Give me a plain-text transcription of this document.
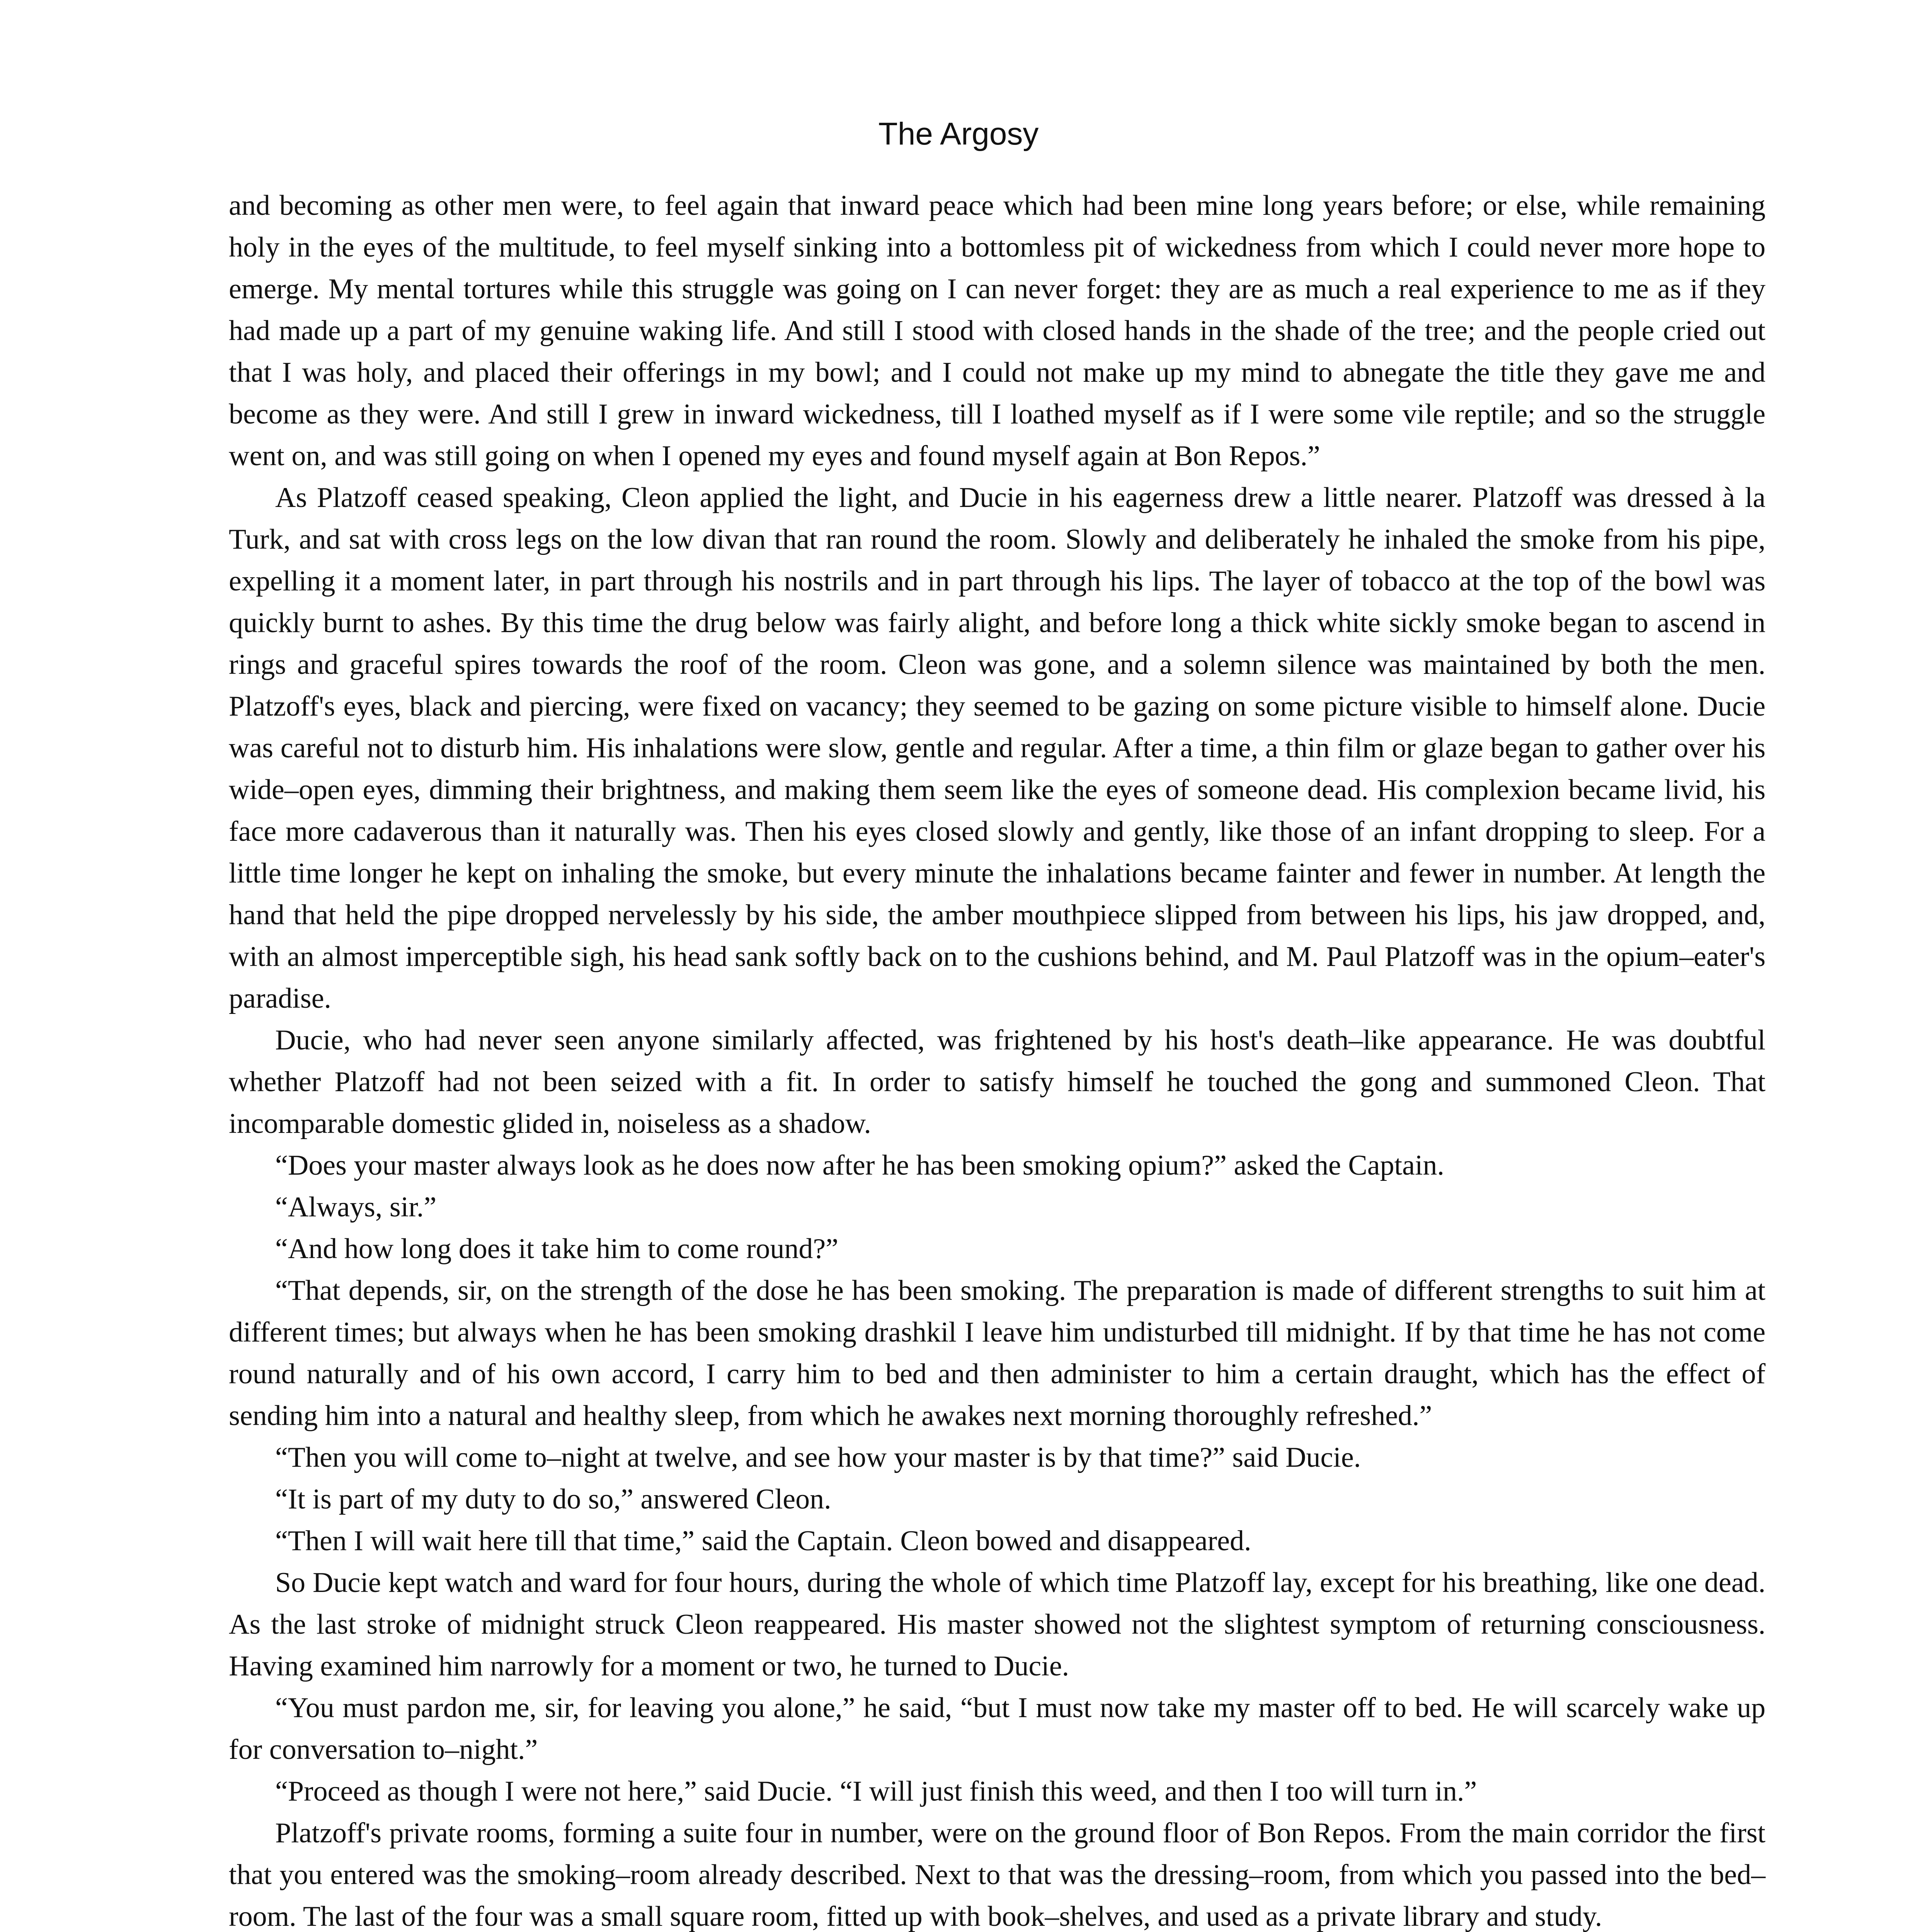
The Argosy

and becoming as other men were, to feel again that inward peace which had been mine long years before; or else, while remaining holy in the eyes of the multitude, to feel myself sinking into a bottomless pit of wickedness from which I could never more hope to emerge. My mental tortures while this struggle was going on I can never forget: they are as much a real experience to me as if they had made up a part of my genuine waking life. And still I stood with closed hands in the shade of the tree; and the people cried out that I was holy, and placed their offerings in my bowl; and I could not make up my mind to abnegate the title they gave me and become as they were. And still I grew in inward wickedness, till I loathed myself as if I were some vile reptile; and so the struggle went on, and was still going on when I opened my eyes and found myself again at Bon Repos.”

As Platzoff ceased speaking, Cleon applied the light, and Ducie in his eagerness drew a little nearer. Platzoff was dressed à la Turk, and sat with cross legs on the low divan that ran round the room. Slowly and deliberately he inhaled the smoke from his pipe, expelling it a moment later, in part through his nostrils and in part through his lips. The layer of tobacco at the top of the bowl was quickly burnt to ashes. By this time the drug below was fairly alight, and before long a thick white sickly smoke began to ascend in rings and graceful spires towards the roof of the room. Cleon was gone, and a solemn silence was maintained by both the men. Platzoff's eyes, black and piercing, were fixed on vacancy; they seemed to be gazing on some picture visible to himself alone. Ducie was careful not to disturb him. His inhalations were slow, gentle and regular. After a time, a thin film or glaze began to gather over his wide–open eyes, dimming their brightness, and making them seem like the eyes of someone dead. His complexion became livid, his face more cadaverous than it naturally was. Then his eyes closed slowly and gently, like those of an infant dropping to sleep. For a little time longer he kept on inhaling the smoke, but every minute the inhalations became fainter and fewer in number. At length the hand that held the pipe dropped nervelessly by his side, the amber mouthpiece slipped from between his lips, his jaw dropped, and, with an almost imperceptible sigh, his head sank softly back on to the cushions behind, and M. Paul Platzoff was in the opium–eater's paradise.

Ducie, who had never seen anyone similarly affected, was frightened by his host's death–like appearance. He was doubtful whether Platzoff had not been seized with a fit. In order to satisfy himself he touched the gong and summoned Cleon. That incomparable domestic glided in, noiseless as a shadow.

“Does your master always look as he does now after he has been smoking opium?” asked the Captain.

“Always, sir.”

“And how long does it take him to come round?”

“That depends, sir, on the strength of the dose he has been smoking. The preparation is made of different strengths to suit him at different times; but always when he has been smoking drashkil I leave him undisturbed till midnight. If by that time he has not come round naturally and of his own accord, I carry him to bed and then administer to him a certain draught, which has the effect of sending him into a natural and healthy sleep, from which he awakes next morning thoroughly refreshed.”

“Then you will come to–night at twelve, and see how your master is by that time?” said Ducie.

“It is part of my duty to do so,” answered Cleon.

“Then I will wait here till that time,” said the Captain. Cleon bowed and disappeared.

So Ducie kept watch and ward for four hours, during the whole of which time Platzoff lay, except for his breathing, like one dead. As the last stroke of midnight struck Cleon reappeared. His master showed not the slightest symptom of returning consciousness. Having examined him narrowly for a moment or two, he turned to Ducie.

“You must pardon me, sir, for leaving you alone,” he said, “but I must now take my master off to bed. He will scarcely wake up for conversation to–night.”

“Proceed as though I were not here,” said Ducie. “I will just finish this weed, and then I too will turn in.”

Platzoff's private rooms, forming a suite four in number, were on the ground floor of Bon Repos. From the main corridor the first that you entered was the smoking–room already described. Next to that was the dressing–room, from which you passed into the bed–room. The last of the four was a small square room, fitted up with book–shelves, and used as a private library and study.
